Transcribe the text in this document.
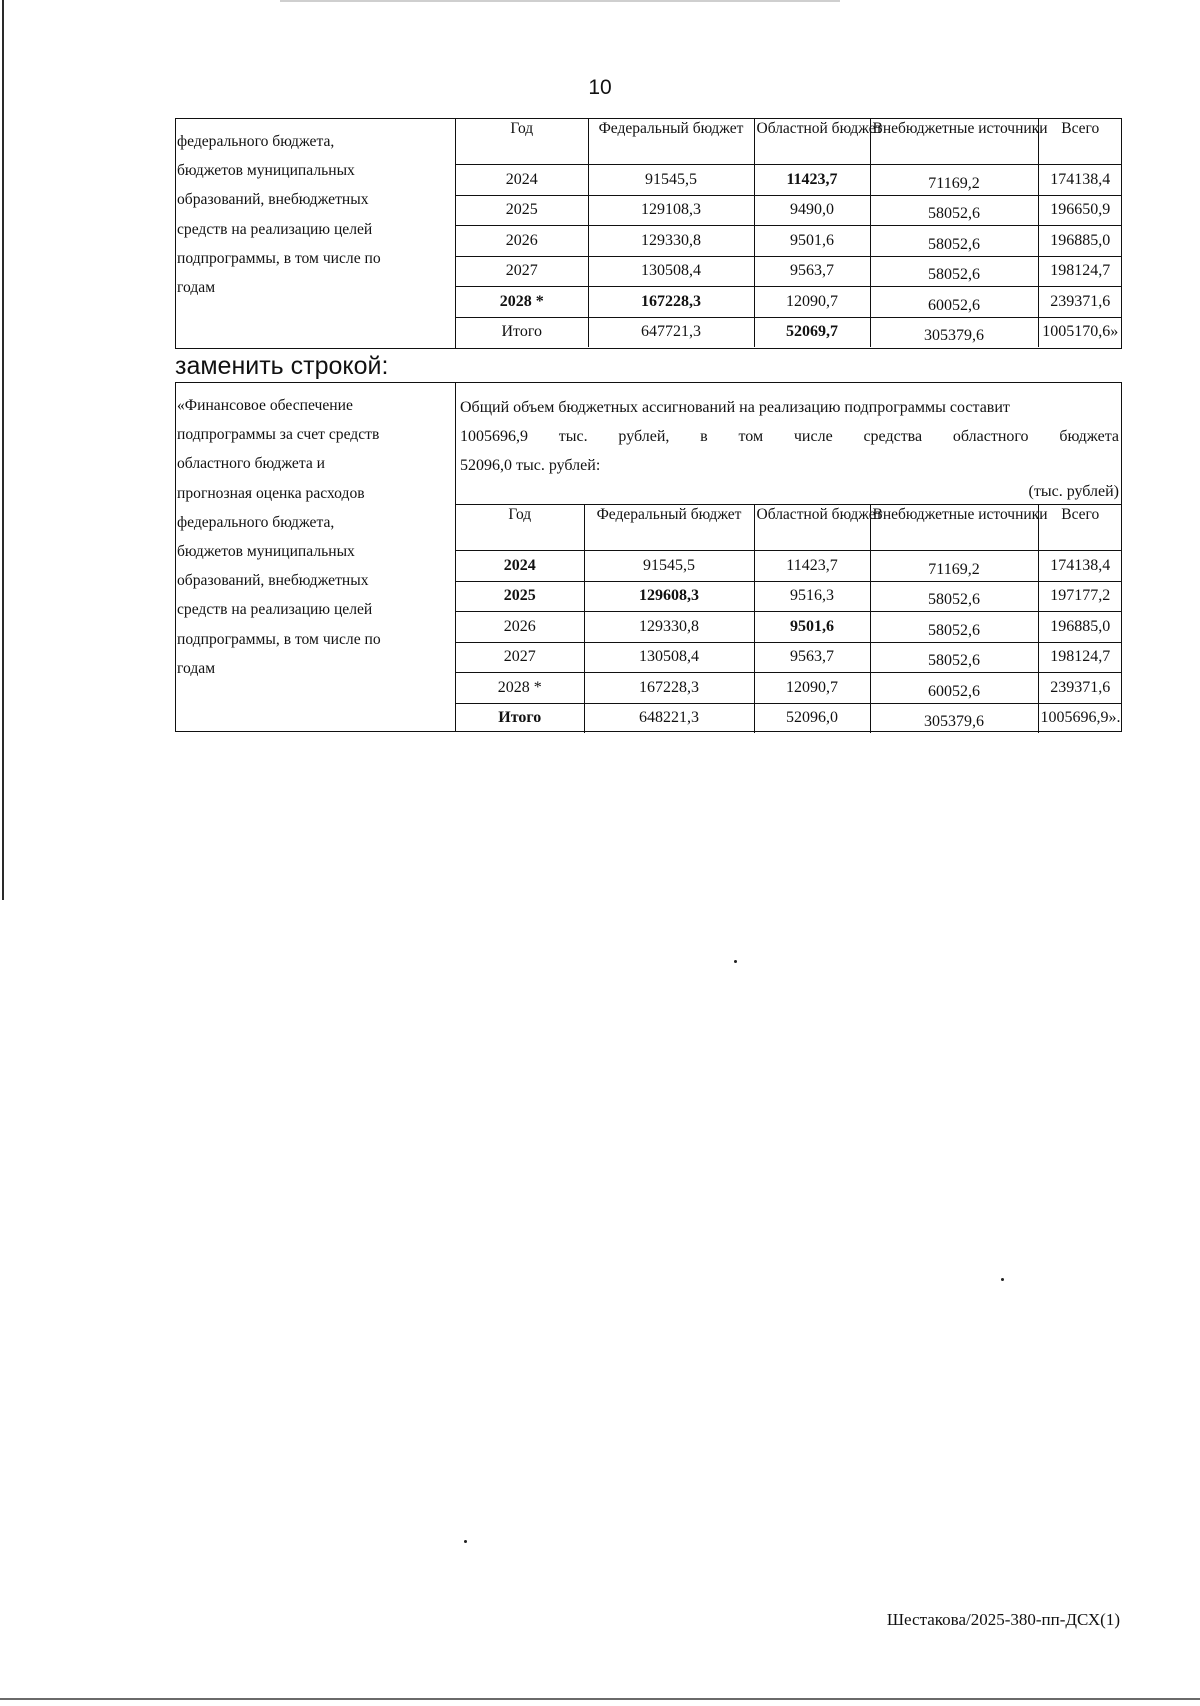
10
федерального бюджета,
бюджетов муниципальных
образований, внебюджетных
средств на реализацию целей
подпрограммы, в том числе по
годам
Год	Федеральный бюджет	Областной бюджет	Внебюджетные источники	Всего
2024	91545,5	11423,7	71169,2	174138,4
2025	129108,3	9490,0	58052,6	196650,9
2026	129330,8	9501,6	58052,6	196885,0
2027	130508,4	9563,7	58052,6	198124,7
2028 *	167228,3	12090,7	60052,6	239371,6
Итого	647721,3	52069,7	305379,6	1005170,6»
заменить строкой:
«Финансовое обеспечение
подпрограммы за счет средств
областного бюджета и
прогнозная оценка расходов
федерального бюджета,
бюджетов муниципальных
образований, внебюджетных
средств на реализацию целей
подпрограммы, в том числе по
годам
Общий объем бюджетных ассигнований на реализацию подпрограммы составит
1005696,9 тыс. рублей, в том числе средства областного бюджета
52096,0 тыс. рублей:
(тыс. рублей)
Год	Федеральный бюджет	Областной бюджет	Внебюджетные источники	Всего
2024	91545,5	11423,7	71169,2	174138,4
2025	129608,3	9516,3	58052,6	197177,2
2026	129330,8	9501,6	58052,6	196885,0
2027	130508,4	9563,7	58052,6	198124,7
2028 *	167228,3	12090,7	60052,6	239371,6
Итого	648221,3	52096,0	305379,6	1005696,9».
Шестакова/2025-380-пп-ДСХ(1)
